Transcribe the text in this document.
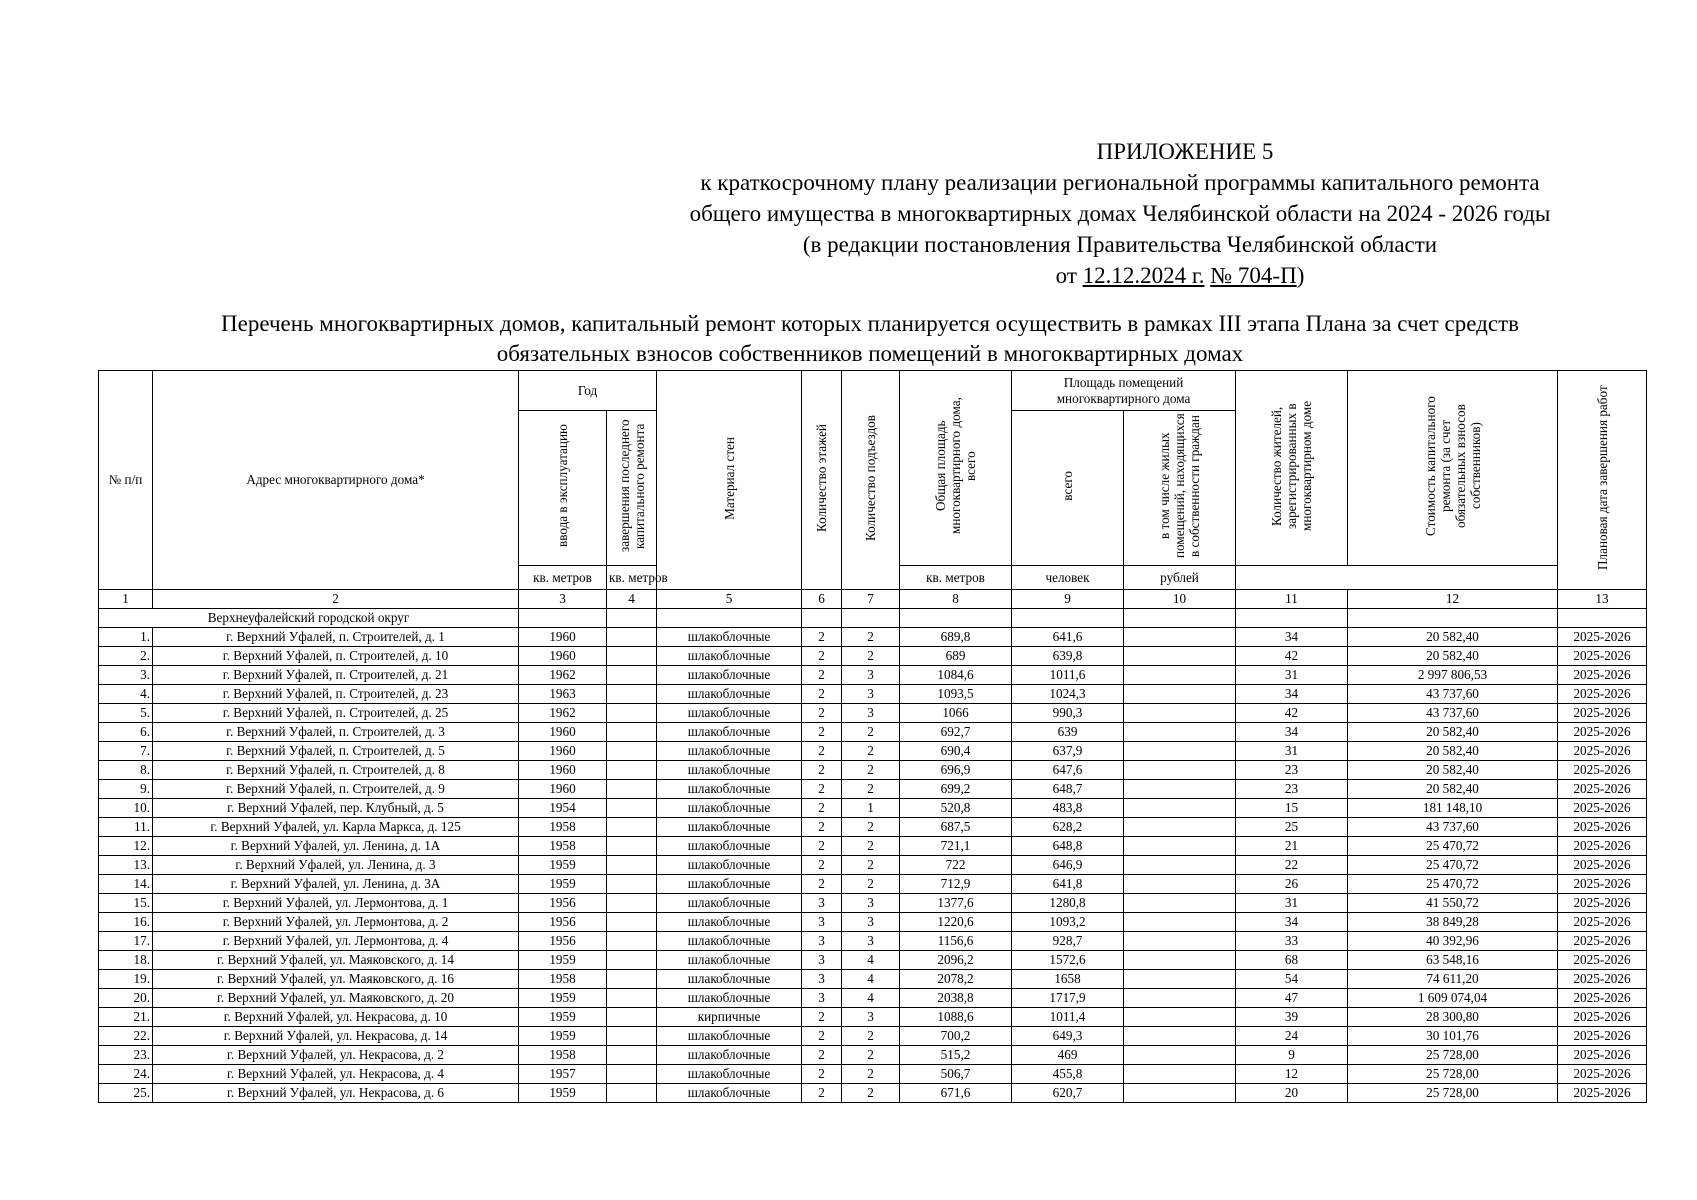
ПРИЛОЖЕНИЕ 5
к краткосрочному плану реализации региональной программы капитального ремонта
общего имущества в многоквартирных домах Челябинской области на 2024 - 2026 годы
(в редакции постановления Правительства Челябинской области
от 12.12.2024 г. № 704-П)
Перечень многоквартирных домов, капитальный ремонт которых планируется осуществить в рамках III этапа Плана за счет средств
обязательных взносов собственников помещений в многоквартирных домах
№ п/п	Адрес многоквартирного дома*	Год		Материал стен	Количество этажей	Количество подъездов	Общая площадь многоквартирного дома, всего	Площадь помещений многоквартирного дома		Количество жителей, зарегистрированных в многоквартирном доме	Стоимость капитального ремонта (за счет обязательных взносов собственников)	Плановая дата завершения работ
		ввода в эксплуатацию	завершения последнего капитального ремонта					всего	в том числе жилых помещений, находящихся в собственности граждан			
		кв. метров	кв. метров				кв. метров	человек	рублей			
1	2	3	4	5	6	7	8	9	10	11	12	13
Верхнеуфалейский городской округ												
1.	г. Верхний Уфалей, п. Строителей, д. 1	1960		шлакоблочные	2	2	689,8	641,6		34	20 582,40	2025-2026
2.	г. Верхний Уфалей, п. Строителей, д. 10	1960		шлакоблочные	2	2	689	639,8		42	20 582,40	2025-2026
3.	г. Верхний Уфалей, п. Строителей, д. 21	1962		шлакоблочные	2	3	1084,6	1011,6		31	2 997 806,53	2025-2026
4.	г. Верхний Уфалей, п. Строителей, д. 23	1963		шлакоблочные	2	3	1093,5	1024,3		34	43 737,60	2025-2026
5.	г. Верхний Уфалей, п. Строителей, д. 25	1962		шлакоблочные	2	3	1066	990,3		42	43 737,60	2025-2026
6.	г. Верхний Уфалей, п. Строителей, д. 3	1960		шлакоблочные	2	2	692,7	639		34	20 582,40	2025-2026
7.	г. Верхний Уфалей, п. Строителей, д. 5	1960		шлакоблочные	2	2	690,4	637,9		31	20 582,40	2025-2026
8.	г. Верхний Уфалей, п. Строителей, д. 8	1960		шлакоблочные	2	2	696,9	647,6		23	20 582,40	2025-2026
9.	г. Верхний Уфалей, п. Строителей, д. 9	1960		шлакоблочные	2	2	699,2	648,7		23	20 582,40	2025-2026
10.	г. Верхний Уфалей, пер. Клубный, д. 5	1954		шлакоблочные	2	1	520,8	483,8		15	181 148,10	2025-2026
11.	г. Верхний Уфалей, ул. Карла Маркса, д. 125	1958		шлакоблочные	2	2	687,5	628,2		25	43 737,60	2025-2026
12.	г. Верхний Уфалей, ул. Ленина, д. 1А	1958		шлакоблочные	2	2	721,1	648,8		21	25 470,72	2025-2026
13.	г. Верхний Уфалей, ул. Ленина, д. 3	1959		шлакоблочные	2	2	722	646,9		22	25 470,72	2025-2026
14.	г. Верхний Уфалей, ул. Ленина, д. 3А	1959		шлакоблочные	2	2	712,9	641,8		26	25 470,72	2025-2026
15.	г. Верхний Уфалей, ул. Лермонтова, д. 1	1956		шлакоблочные	3	3	1377,6	1280,8		31	41 550,72	2025-2026
16.	г. Верхний Уфалей, ул. Лермонтова, д. 2	1956		шлакоблочные	3	3	1220,6	1093,2		34	38 849,28	2025-2026
17.	г. Верхний Уфалей, ул. Лермонтова, д. 4	1956		шлакоблочные	3	3	1156,6	928,7		33	40 392,96	2025-2026
18.	г. Верхний Уфалей, ул. Маяковского, д. 14	1959		шлакоблочные	3	4	2096,2	1572,6		68	63 548,16	2025-2026
19.	г. Верхний Уфалей, ул. Маяковского, д. 16	1958		шлакоблочные	3	4	2078,2	1658		54	74 611,20	2025-2026
20.	г. Верхний Уфалей, ул. Маяковского, д. 20	1959		шлакоблочные	3	4	2038,8	1717,9		47	1 609 074,04	2025-2026
21.	г. Верхний Уфалей, ул. Некрасова, д. 10	1959		кирпичные	2	3	1088,6	1011,4		39	28 300,80	2025-2026
22.	г. Верхний Уфалей, ул. Некрасова, д. 14	1959		шлакоблочные	2	2	700,2	649,3		24	30 101,76	2025-2026
23.	г. Верхний Уфалей, ул. Некрасова, д. 2	1958		шлакоблочные	2	2	515,2	469		9	25 728,00	2025-2026
24.	г. Верхний Уфалей, ул. Некрасова, д. 4	1957		шлакоблочные	2	2	506,7	455,8		12	25 728,00	2025-2026
25.	г. Верхний Уфалей, ул. Некрасова, д. 6	1959		шлакоблочные	2	2	671,6	620,7		20	25 728,00	2025-2026
